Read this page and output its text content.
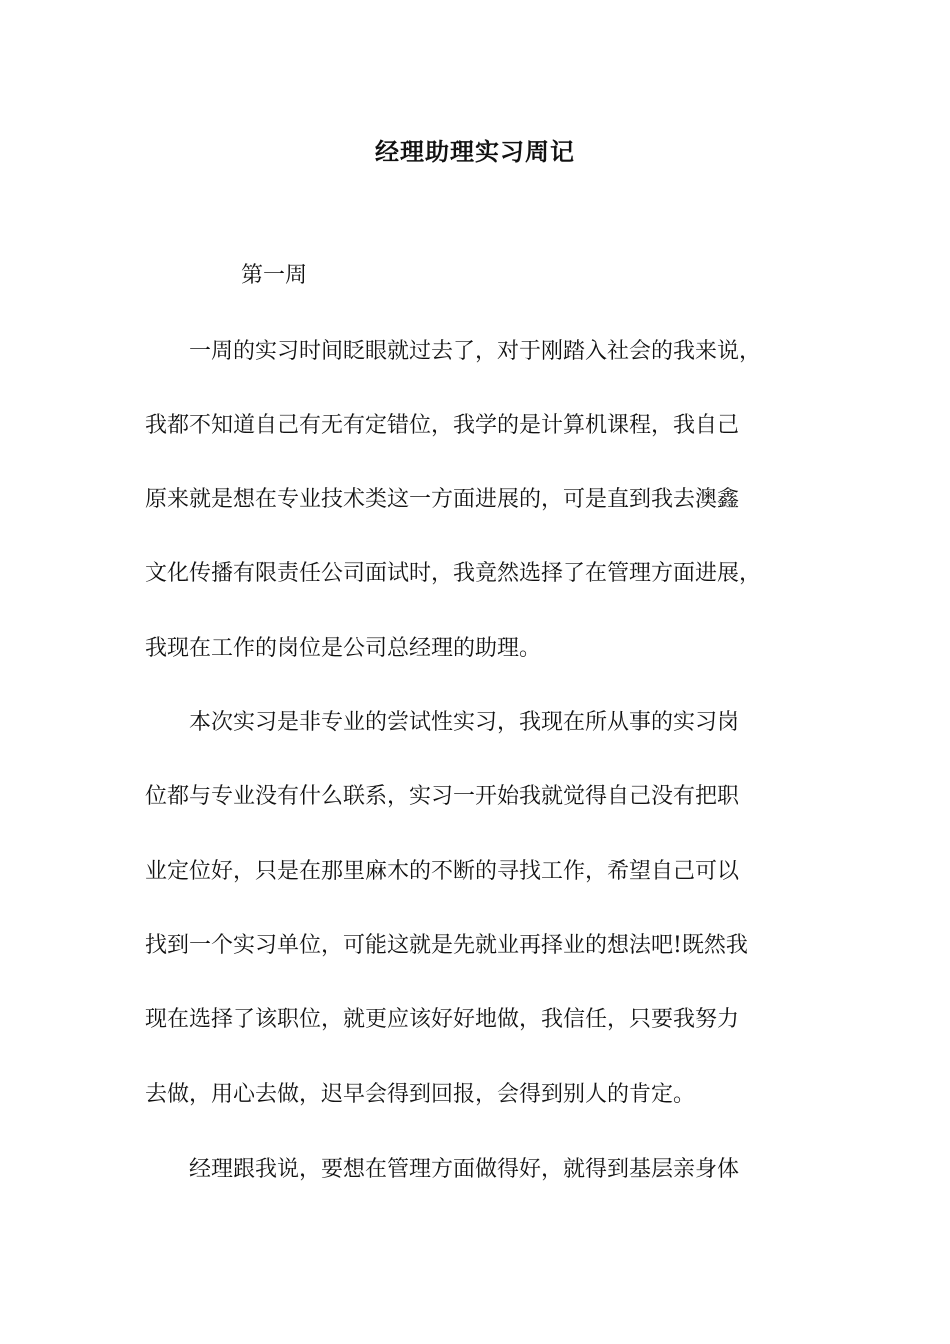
经理助理实习周记
第一周
　　一周的实习时间眨眼就过去了，对于刚踏入社会的我来说，
我都不知道自己有无有定错位，我学的是计算机课程，我自己
原来就是想在专业技术类这一方面进展的，可是直到我去澳鑫
文化传播有限责任公司面试时，我竟然选择了在管理方面进展，
我现在工作的岗位是公司总经理的助理。
　　本次实习是非专业的尝试性实习，我现在所从事的实习岗
位都与专业没有什么联系，实习一开始我就觉得自己没有把职
业定位好，只是在那里麻木的不断的寻找工作，希望自己可以
找到一个实习单位，可能这就是先就业再择业的想法吧!既然我
现在选择了该职位，就更应该好好地做，我信任，只要我努力
去做，用心去做，迟早会得到回报，会得到别人的肯定。
　　经理跟我说，要想在管理方面做得好，就得到基层亲身体
